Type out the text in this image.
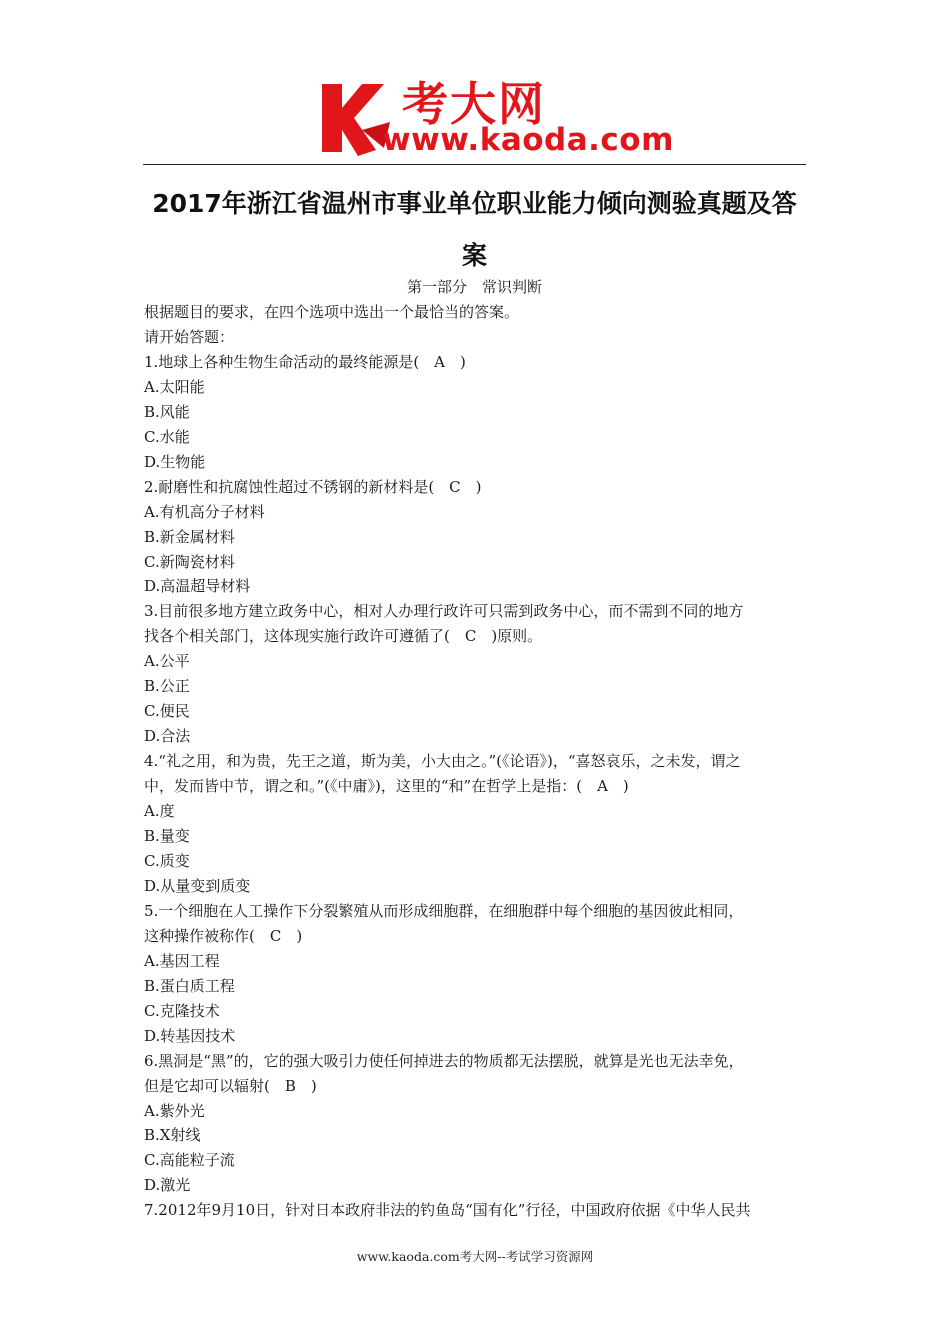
考大网
www.kaoda.com
2017年浙江省温州市事业单位职业能力倾向测验真题及答
案
第一部分　常识判断
根据题目的要求，在四个选项中选出一个最恰当的答案。
请开始答题：
1.地球上各种生物生命活动的最终能源是(　A　)
A.太阳能
B.风能
C.水能
D.生物能
2.耐磨性和抗腐蚀性超过不锈钢的新材料是(　C　)
A.有机高分子材料
B.新金属材料
C.新陶瓷材料
D.高温超导材料
3.目前很多地方建立政务中心，相对人办理行政许可只需到政务中心，而不需到不同的地方
找各个相关部门，这体现实施行政许可遵循了(　C　)原则。
A.公平
B.公正
C.便民
D.合法
4.“礼之用，和为贵，先王之道，斯为美，小大由之。”(《论语》)，“喜怒哀乐，之未发，谓之
中，发而皆中节，谓之和。”(《中庸》)，这里的“和”在哲学上是指：(　A　)
A.度
B.量变
C.质变
D.从量变到质变
5.一个细胞在人工操作下分裂繁殖从而形成细胞群，在细胞群中每个细胞的基因彼此相同，
这种操作被称作(　C　)
A.基因工程
B.蛋白质工程
C.克隆技术
D.转基因技术
6.黑洞是“黑”的，它的强大吸引力使任何掉进去的物质都无法摆脱，就算是光也无法幸免，
但是它却可以辐射(　B　)
A.紫外光
B.X射线
C.高能粒子流
D.激光
7.2012年9月10日，针对日本政府非法的钓鱼岛“国有化”行径，中国政府依据《中华人民共
www.kaoda.com考大网--考试学习资源网
